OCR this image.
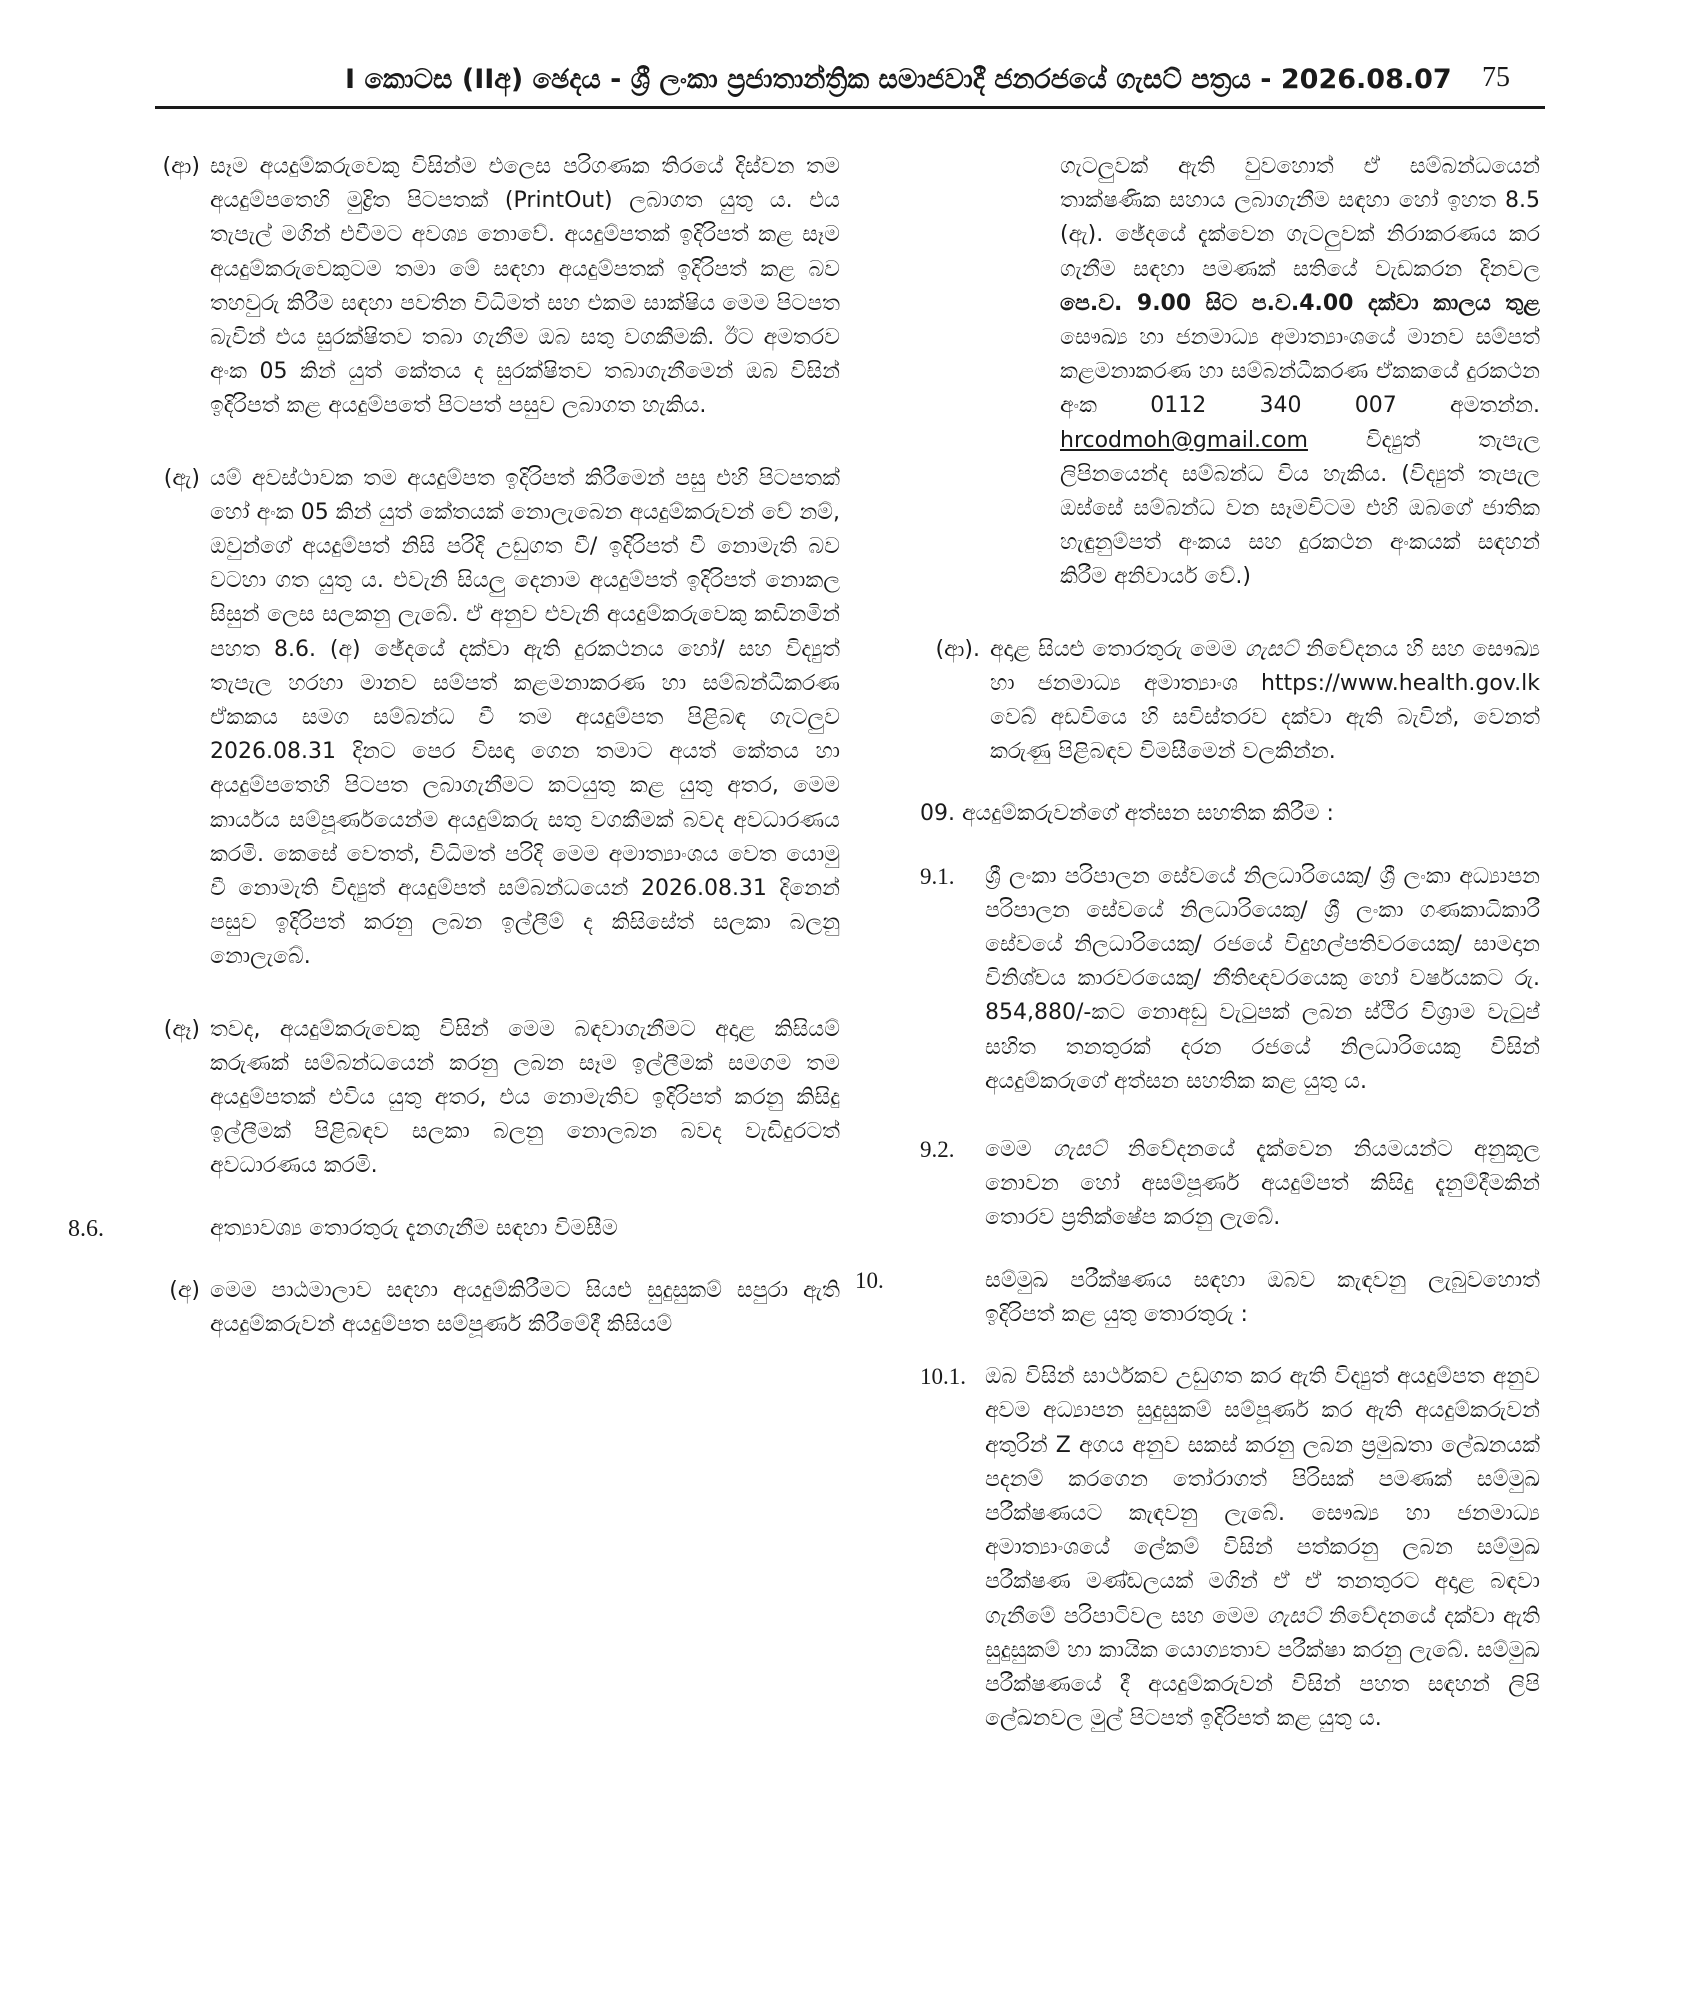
I කොටස (IIඅ) ඡෙදය - ශ්‍රී ලංකා ප්‍රජාතාන්ත්‍රික සමාජවාදී ජනරජයේ ගැසට් පත්‍රය - 2026.08.07 75
(ආ) සෑම අයදුම්කරුවෙකු විසින්ම එලෙස පරිගණක තිරයේ දිස්වන තම අයදුම්පතෙහි මුද්‍රිත පිටපතක් (PrintOut) ලබාගත යුතු ය. එය තැපැල් මගින් එවීමට අවශ්‍ය නොවේ. අයදුම්පතක් ඉදිරිපත් කළ සෑම අයදුම්කරුවෙකුටම තමා මේ සඳහා අයදුම්පතක් ඉදිරිපත් කළ බව තහවුරු කිරීම සඳහා පවතින විධිමත් සහ එකම සාක්ෂිය මෙම පිටපත බැවින් එය සුරක්ෂිතව තබා ගැනීම ඔබ සතු වගකීමකි. ඊට අමතරව අංක 05 කින් යුත් කේතය ද සුරක්ෂිතව තබාගැනීමෙන් ඔබ විසින් ඉදිරිපත් කළ අයදුම්පතේ පිටපත් පසුව ලබාගත හැකිය.

(ඇ) යම් අවස්ථාවක තම අයදුම්පත ඉදිරිපත් කිරීමෙන් පසු එහි පිටපතක් හෝ අංක 05 කින් යුත් කේතයක් නොලැබෙන අයදුම්කරුවන් වේ නම්, ඔවුන්ගේ අයදුම්පත් නිසි පරිදි උඩුගත වී/ ඉදිරිපත් වී නොමැති බව වටහා ගත යුතු ය. එවැනි සියලු දෙනාම අයදුම්පත් ඉදිරිපත් නොකල සිසුන් ලෙස සලකනු ලැබේ. ඒ අනුව එවැනි අයදුම්කරුවෙකු කඩිනමින් පහත 8.6. (අ) ඡේදයේ දක්වා ඇති දුරකථනය හෝ/ සහ විද්‍යුත් තැපැල හරහා මානව සම්පත් කළමනාකරණ හා සම්බන්ධීකරණ ඒකකය සමග සම්බන්ධ වී තම අයදුම්පත පිළිබඳ ගැටලුව 2026.08.31 දිනට පෙර විසඳා ගෙන තමාට අයත් කේතය හා අයදුම්පතෙහි පිටපත ලබාගැනීමට කටයුතු කළ යුතු අතර, මෙම කාර්යය සම්පූර්ණයෙන්ම අයදුම්කරු සතු වගකීමක් බවද අවධාරණය කරමි. කෙසේ වෙතත්, විධිමත් පරිදි මෙම අමාත්‍යාංශය වෙත යොමු වී නොමැති විද්‍යුත් අයදුම්පත් සම්බන්ධයෙන් 2026.08.31 දිනෙන් පසුව ඉදිරිපත් කරනු ලබන ඉල්ලීම් ද කිසිසේත් සලකා බලනු නොලැබේ.

(ඈ) තවද, අයදුම්කරුවෙකු විසින් මෙම බඳවාගැනීමට අදාළ කිසියම් කරුණක් සම්බන්ධයෙන් කරනු ලබන සෑම ඉල්ලීමක් සමගම තම අයදුම්පතක් එවිය යුතු අතර, එය නොමැතිව ඉදිරිපත් කරනු කිසිදු ඉල්ලීමක් පිළිබඳව සලකා බලනු නොලබන බවද වැඩිදුරටත් අවධාරණය කරමි.

8.6.	අත්‍යාවශ්‍ය තොරතුරු දැනගැනීම සඳහා විමසීම

(අ) මෙම පාඨමාලාව සඳහා අයදුම්කිරීමට සියළු සුදුසුකම් සපුරා ඇති අයදුම්කරුවන් අයදුම්පත සම්පූර්ණ කිරීමේදී කිසියම්

ගැටලුවක් ඇති වුවහොත් ඒ සම්බන්ධයෙන් තාක්ෂණික සහාය ලබාගැනීම සඳහා හෝ ඉහත 8.5 (ඇ). ඡේදයේ දැක්වෙන ගැටලුවක් නිරාකරණය කර ගැනීම සඳහා පමණක් සතියේ වැඩකරන දිනවල පෙ.ව. 9.00 සිට ප.ව.4.00 දක්වා කාලය තුළ සෞඛ්‍ය හා ජනමාධ්‍ය අමාත්‍යාංශයේ මානව සම්පත් කළමනාකරණ හා සම්බන්ධීකරණ ඒකකයේ දුරකථන අංක 0112 340 007 අමතන්න. hrcodmoh@gmail.com විද්‍යුත් තැපැල ලිපිනයෙන්ද සම්බන්ධ විය හැකිය. (විද්‍යුත් තැපැල ඔස්සේ සම්බන්ධ වන සෑමවිටම එහි ඔබගේ ජාතික හැඳුනුම්පත් අංකය සහ දුරකථන අංකයක් සඳහන් කිරීම අනිවාර්ය වේ.)

(ආ). අදාළ සියළු තොරතුරු මෙම ගැසට් නිවේදනය හි සහ සෞඛ්‍ය හා ජනමාධ්‍ය අමාත්‍යාංශ https://www.health.gov.lk වෙබ් අඩවියෙ හි සවිස්තරව දක්වා ඇති බැවින්, වෙනත් කරුණු පිළිබඳව විමසීමෙන් වලකින්න.

09. අයදුම්කරුවන්ගේ අත්සන සහතික කිරීම :

9.1. ශ්‍රී ලංකා පරිපාලන සේවයේ නිලධාරියෙකු/ ශ්‍රී ලංකා අධ්‍යාපන පරිපාලන සේවයේ නිලධාරියෙකු/ ශ්‍රී ලංකා ගණකාධිකාරී සේවයේ නිලධාරියෙකු/ රජයේ විදුහල්පතිවරයෙකු/ සාමදාන විනිශ්චය කාරවරයෙකු/ නීතිඥවරයෙකු හෝ වර්ෂයකට රු. 854,880/-කට නොඅඩු වැටුපක් ලබන ස්ථිර විශ්‍රාම වැටුප් සහිත තනතුරක් දරන රජයේ නිලධාරියෙකු විසින් අයදුම්කරුගේ අත්සන සහතික කළ යුතු ය.

9.2. මෙම ගැසට් නිවේදනයේ දැක්වෙන නියමයන්ට අනුකූල නොවන හෝ අසම්පූර්ණ අයදුම්පත් කිසිදු දැනුම්දීමකින් තොරව ප්‍රතික්ෂේප කරනු ලැබේ.

10.	සම්මුඛ පරීක්ෂණය සඳහා ඔබව කැඳවනු ලැබුවහොත් ඉදිරිපත් කළ යුතු තොරතුරු :

10.1. ඔබ විසින් සාර්ථකව උඩුගත කර ඇති විද්‍යුත් අයදුම්පත අනුව අවම අධ්‍යාපන සුදුසුකම් සම්පූර්ණ කර ඇති අයදුම්කරුවන් අතුරින් Z අගය අනුව සකස් කරනු ලබන ප්‍රමුඛතා ලේඛනයක් පදනම් කරගෙන තෝරාගත් පිරිසක් පමණක් සම්මුඛ පරීක්ෂණයට කැඳවනු ලැබේ. සෞඛ්‍ය හා ජනමාධ්‍ය අමාත්‍යාංශයේ ලේකම් විසින් පත්කරනු ලබන සම්මුඛ පරීක්ෂණ මණ්ඩලයක් මගින් ඒ ඒ තනතුරට අදාළ බඳවා ගැනීමේ පරිපාටිවල සහ මෙම ගැසට් නිවේදනයේ දක්වා ඇති සුදුසුකම් හා කායික යොග්‍යතාව පරීක්ෂා කරනු ලැබේ. සම්මුඛ පරීක්ෂණයේ දී අයදුම්කරුවන් විසින් පහත සඳහන් ලිපි ලේඛනවල මුල් පිටපත් ඉදිරිපත් කළ යුතු ය.
